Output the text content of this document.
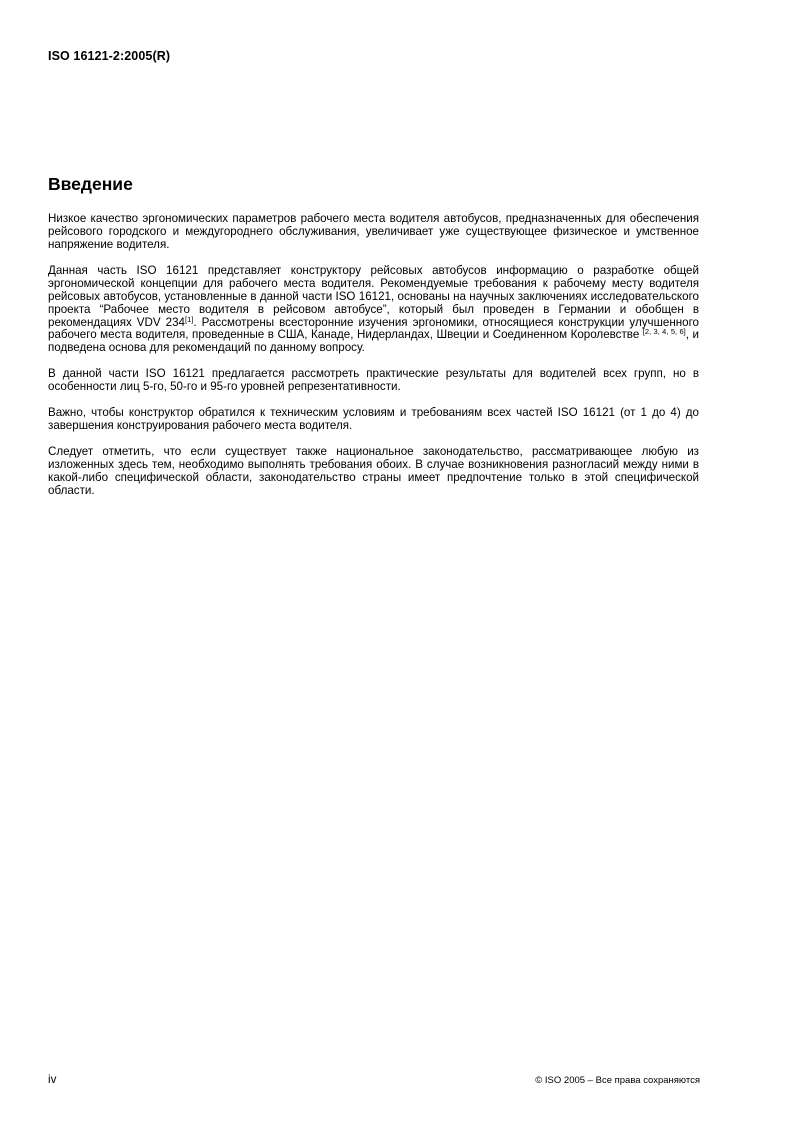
ISO 16121-2:2005(R)
Введение

Низкое качество эргономических параметров рабочего места водителя автобусов, предназначенных для обеспечения рейсового городского и междугороднего обслуживания, увеличивает уже существующее физическое и умственное напряжение водителя.

Данная часть ISO 16121 представляет конструктору рейсовых автобусов информацию о разработке общей эргономической концепции для рабочего места водителя. Рекомендуемые требования к рабочему месту водителя рейсовых автобусов, установленные в данной части ISO 16121, основаны на научных заключениях исследовательского проекта “Рабочее место водителя в рейсовом автобусе”, который был проведен в Германии и обобщен в рекомендациях VDV 234[1]. Рассмотрены всесторонние изучения эргономики, относящиеся конструкции улучшенного рабочего места водителя, проведенные в США, Канаде, Нидерландах, Швеции и Соединенном Королевстве [2, 3, 4, 5, 6], и подведена основа для рекомендаций по данному вопросу.

В данной части ISO 16121 предлагается рассмотреть практические результаты для водителей всех групп, но в особенности лиц 5-го, 50-го и 95-го уровней репрезентативности.

Важно, чтобы конструктор обратился к техническим условиям и требованиям всех частей ISO 16121 (от 1 до 4) до завершения конструирования рабочего места водителя.

Следует отметить, что если существует также национальное законодательство, рассматривающее любую из изложенных здесь тем, необходимо выполнять требования обоих. В случае возникновения разногласий между ними в какой-либо специфической области, законодательство страны имеет предпочтение только в этой специфической области.

iv	© ISO 2005 – Все права сохраняются
